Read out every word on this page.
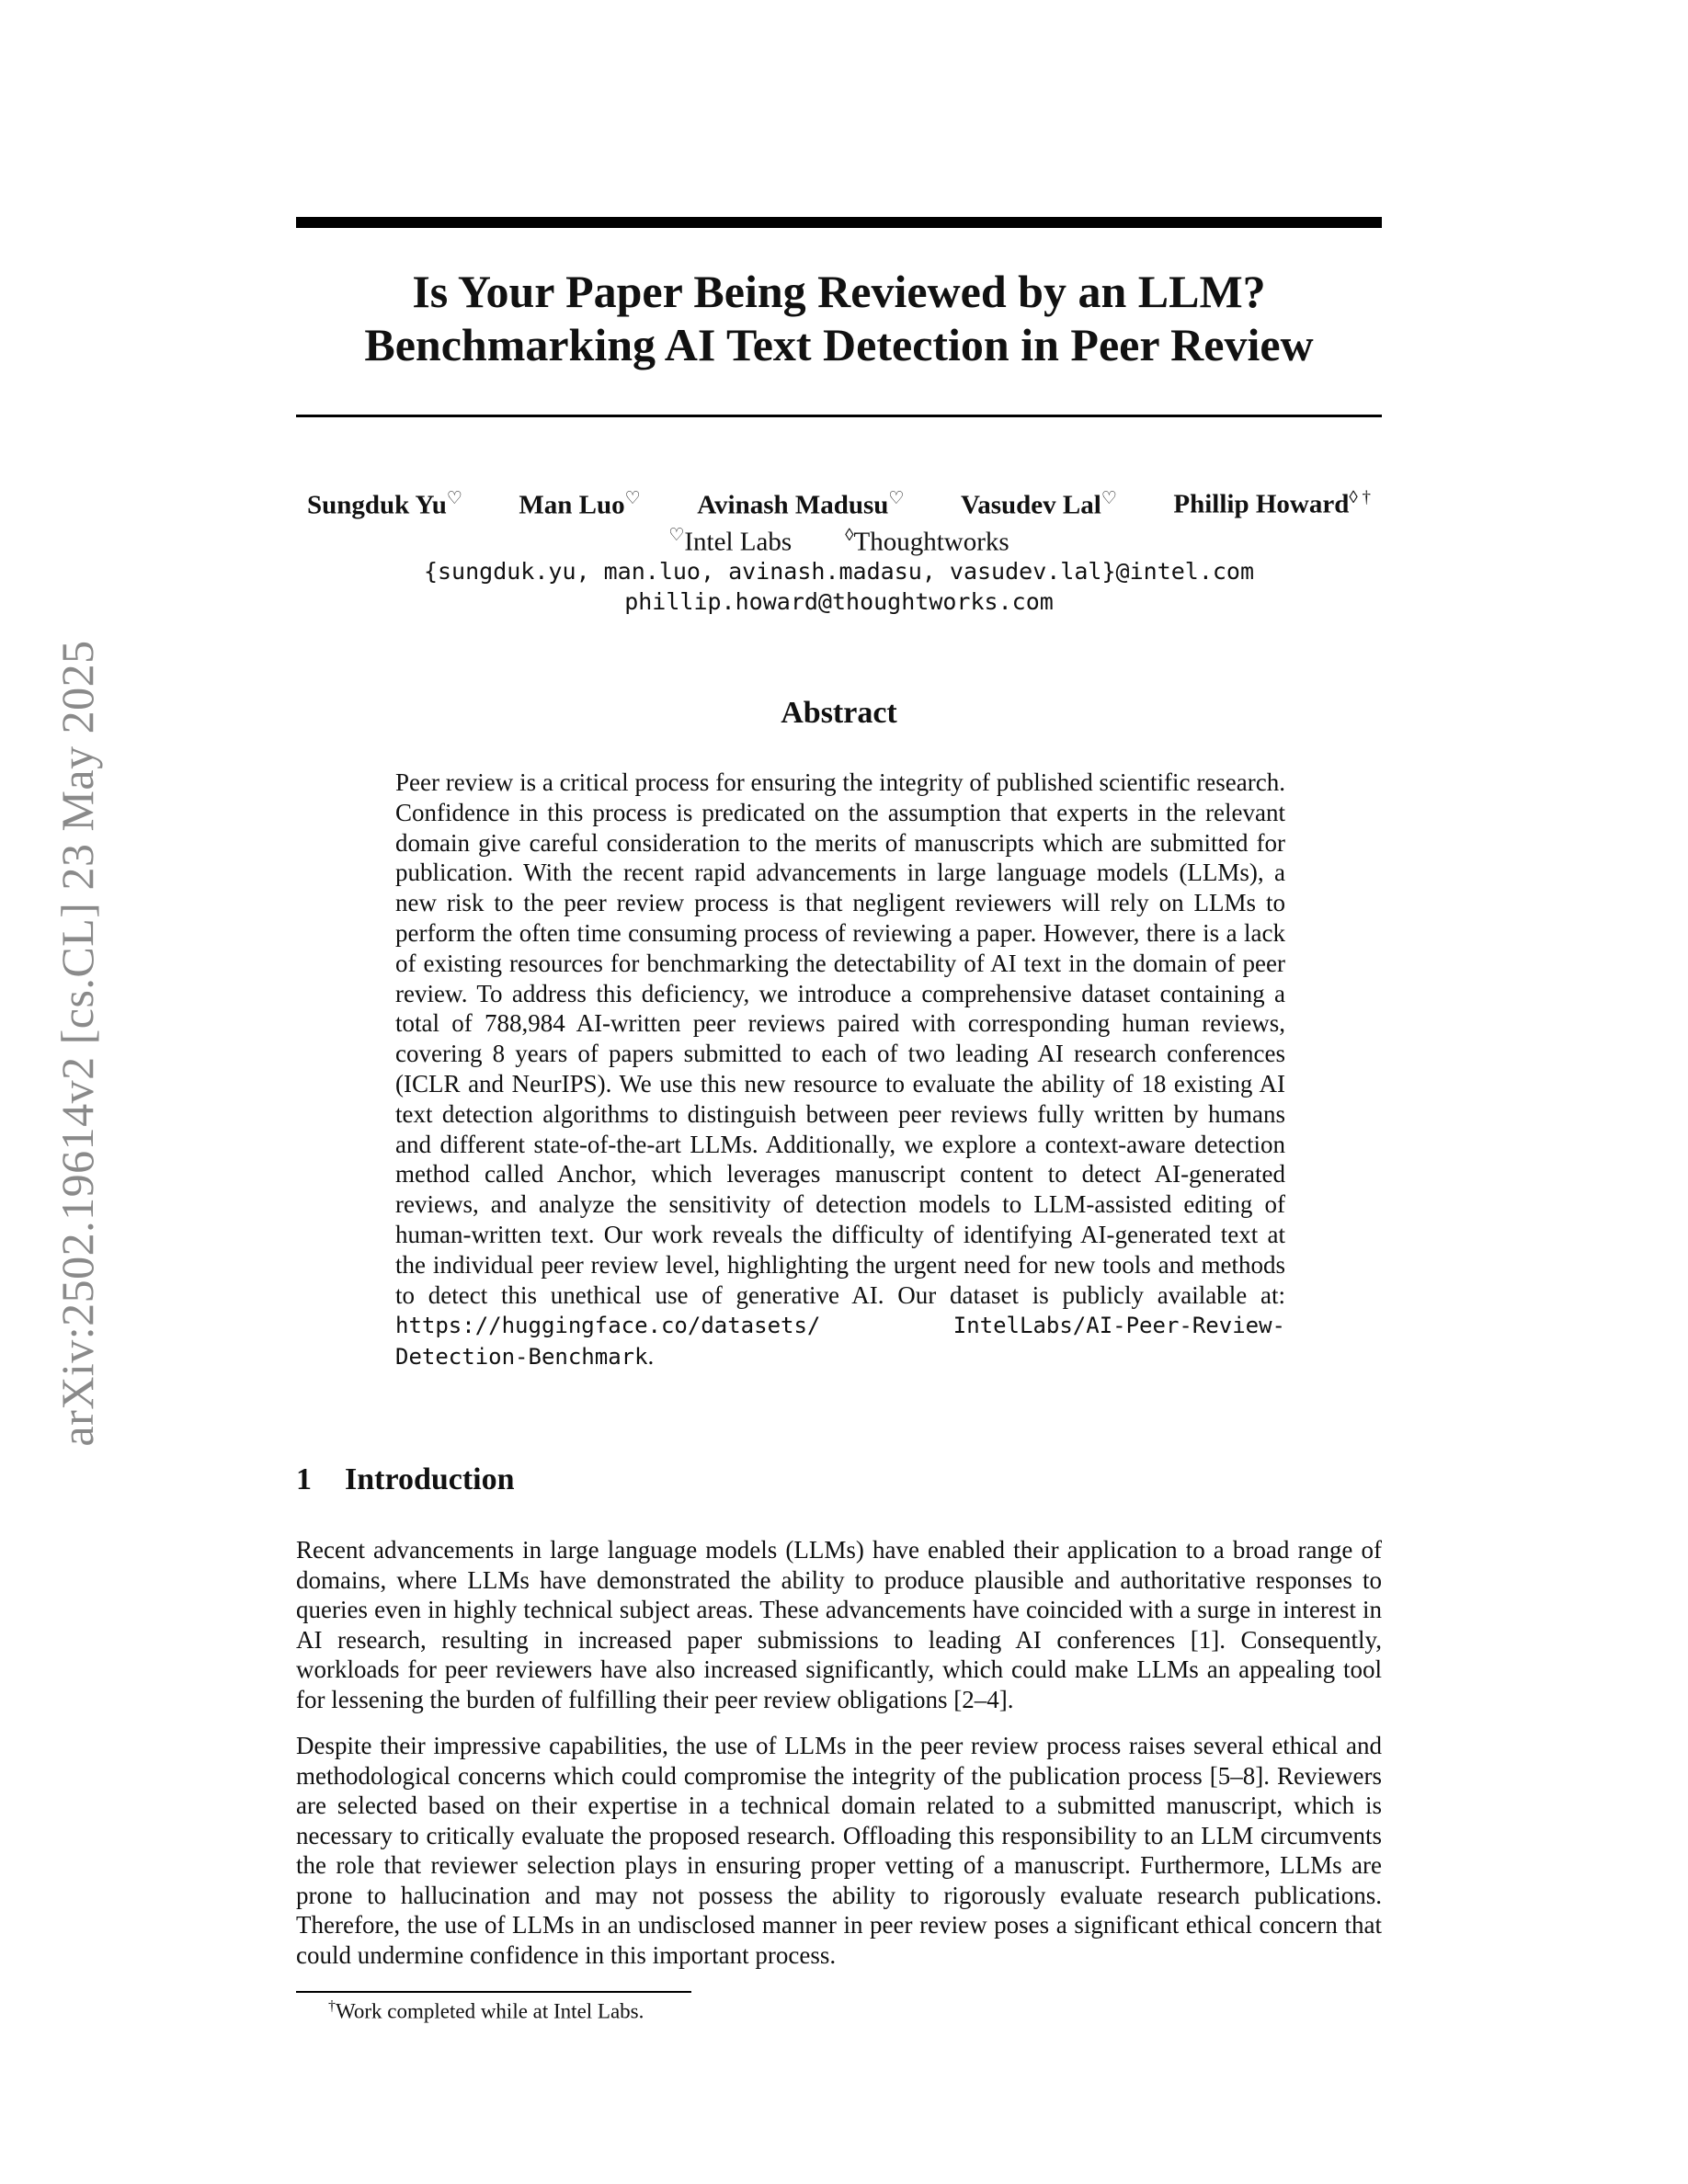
arXiv:2502.19614v2 [cs.CL] 23 May 2025
Is Your Paper Being Reviewed by an LLM?
Benchmarking AI Text Detection in Peer Review
Sungduk Yu♡ Man Luo♡ Avinash Madusu♡ Vasudev Lal♡ Phillip Howard◊ †
♡Intel Labs	◊Thoughtworks
{sungduk.yu, man.luo, avinash.madasu, vasudev.lal}@intel.com
phillip.howard@thoughtworks.com
Abstract
Peer review is a critical process for ensuring the integrity of published scientific research. Confidence in this process is predicated on the assumption that experts in the relevant domain give careful consideration to the merits of manuscripts which are submitted for publication. With the recent rapid advancements in large language models (LLMs), a new risk to the peer review process is that negligent reviewers will rely on LLMs to perform the often time consuming process of reviewing a paper. However, there is a lack of existing resources for benchmarking the detectability of AI text in the domain of peer review. To address this deficiency, we introduce a comprehensive dataset containing a total of 788,984 AI-written peer reviews paired with corresponding human reviews, covering 8 years of papers submitted to each of two leading AI research conferences (ICLR and NeurIPS). We use this new resource to evaluate the ability of 18 existing AI text detection algorithms to distinguish between peer reviews fully written by humans and different state-of-the-art LLMs. Additionally, we explore a context-aware detection method called Anchor, which leverages manuscript content to detect AI-generated reviews, and analyze the sensitivity of detection models to LLM-assisted editing of human-written text. Our work reveals the difficulty of identifying AI-generated text at the individual peer review level, highlighting the urgent need for new tools and methods to detect this unethical use of generative AI. Our dataset is publicly available at: https://huggingface.co/datasets/ IntelLabs/AI-Peer-Review-Detection-Benchmark.
1 Introduction
Recent advancements in large language models (LLMs) have enabled their application to a broad range of domains, where LLMs have demonstrated the ability to produce plausible and authoritative responses to queries even in highly technical subject areas. These advancements have coincided with a surge in interest in AI research, resulting in increased paper submissions to leading AI conferences [1]. Consequently, workloads for peer reviewers have also increased significantly, which could make LLMs an appealing tool for lessening the burden of fulfilling their peer review obligations [2–4].
Despite their impressive capabilities, the use of LLMs in the peer review process raises several ethical and methodological concerns which could compromise the integrity of the publication process [5–8]. Reviewers are selected based on their expertise in a technical domain related to a submitted manuscript, which is necessary to critically evaluate the proposed research. Offloading this responsibility to an LLM circumvents the role that reviewer selection plays in ensuring proper vetting of a manuscript. Furthermore, LLMs are prone to hallucination and may not possess the ability to rigorously evaluate research publications. Therefore, the use of LLMs in an undisclosed manner in peer review poses a significant ethical concern that could undermine confidence in this important process.
†Work completed while at Intel Labs.
